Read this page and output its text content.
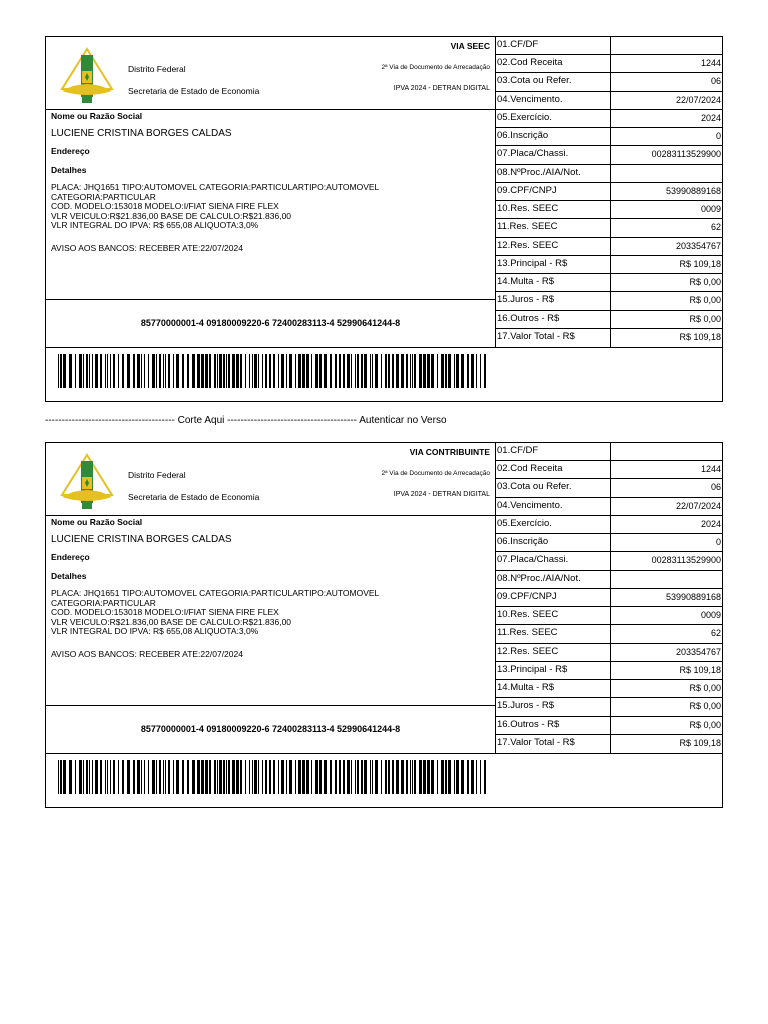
VIA SEEC
Distrito Federal
Secretaria de Estado de Economia
2ª Via de Documento de Arrecadação
IPVA 2024 - DETRAN DIGITAL
Nome ou Razão Social
LUCIENE CRISTINA BORGES CALDAS
Endereço
Detalhes
PLACA: JHQ1651 TIPO:AUTOMOVEL CATEGORIA:PARTICULARTIPO:AUTOMOVEL
CATEGORIA:PARTICULAR
COD. MODELO:153018 MODELO:I/FIAT SIENA FIRE FLEX
VLR VEICULO:R$21.836,00 BASE DE CALCULO:R$21.836,00
VLR INTEGRAL DO IPVA: R$ 655,08 ALIQUOTA:3,0%
AVISO AOS BANCOS: RECEBER ATE:22/07/2024
85770000001-4 09180009220-6 72400283113-4 52990641244-8
01.CF/DF
02.Cod Receita	1244
03.Cota ou Refer.	06
04.Vencimento.	22/07/2024
05.Exercício.	2024
06.Inscrição	0
07.Placa/Chassi.	00283113529900
08.NºProc./AIA/Not.
09.CPF/CNPJ	53990889168
10.Res. SEEC	0009
11.Res. SEEC	62
12.Res. SEEC	203354767
13.Principal - R$	R$ 109,18
14.Multa - R$	R$ 0,00
15.Juros - R$	R$ 0,00
16.Outros - R$	R$ 0,00
17.Valor Total - R$	R$ 109,18
--------------------------------------- Corte Aqui --------------------------------------- Autenticar no Verso
VIA CONTRIBUINTE
Distrito Federal
Secretaria de Estado de Economia
2ª Via de Documento de Arrecadação
IPVA 2024 - DETRAN DIGITAL
Nome ou Razão Social
LUCIENE CRISTINA BORGES CALDAS
Endereço
Detalhes
PLACA: JHQ1651 TIPO:AUTOMOVEL CATEGORIA:PARTICULARTIPO:AUTOMOVEL
CATEGORIA:PARTICULAR
COD. MODELO:153018 MODELO:I/FIAT SIENA FIRE FLEX
VLR VEICULO:R$21.836,00 BASE DE CALCULO:R$21.836,00
VLR INTEGRAL DO IPVA: R$ 655,08 ALIQUOTA:3,0%
AVISO AOS BANCOS: RECEBER ATE:22/07/2024
85770000001-4 09180009220-6 72400283113-4 52990641244-8
01.CF/DF
02.Cod Receita	1244
03.Cota ou Refer.	06
04.Vencimento.	22/07/2024
05.Exercício.	2024
06.Inscrição	0
07.Placa/Chassi.	00283113529900
08.NºProc./AIA/Not.
09.CPF/CNPJ	53990889168
10.Res. SEEC	0009
11.Res. SEEC	62
12.Res. SEEC	203354767
13.Principal - R$	R$ 109,18
14.Multa - R$	R$ 0,00
15.Juros - R$	R$ 0,00
16.Outros - R$	R$ 0,00
17.Valor Total - R$	R$ 109,18
